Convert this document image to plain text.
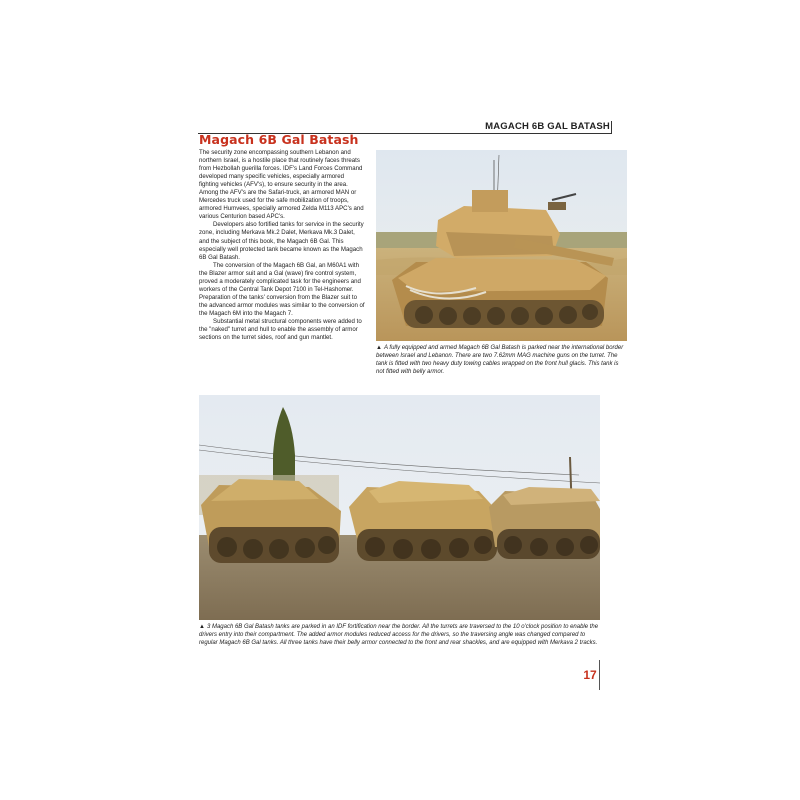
MAGACH 6B GAL BATASH
Magach 6B Gal Batash

The security zone encompassing southern Lebanon and northern Israel, is a hostile place that routinely faces threats from Hezbollah guerilla forces. IDF's Land Forces Command developed many specific vehicles, especially armored fighting vehicles (AFV's), to ensure security in the area. Among the AFV's are the Safari-truck, an armored MAN or Mercedes truck used for the safe mobilization of troops, armored Humvees, specially armored Zelda M113 APC's and various Centurion based APC's.

Developers also fortified tanks for service in the security zone, including Merkava Mk.2 Dalet, Merkava Mk.3 Dalet, and the subject of this book, the Magach 6B Gal. This especially well protected tank became known as the Magach 6B Gal Batash.

The conversion of the Magach 6B Gal, an M60A1 with the Blazer armor suit and a Gal (wave) fire control system, proved a moderately complicated task for the engineers and workers of the Central Tank Depot 7100 in Tel-Hashomer. Preparation of the tanks' conversion from the Blazer suit to the advanced armor modules was similar to the conversion of the Magach 6M into the Magach 7.

Substantial metal structural components were added to the "naked" turret and hull to enable the assembly of armor sections on the turret sides, roof and gun mantlet.

▲ A fully equipped and armed Magach 6B Gal Batash is parked near the international border between Israel and Lebanon. There are two 7.62mm MAG machine guns on the turret. The tank is fitted with two heavy duty towing cables wrapped on the front hull glacis. This tank is not fitted with belly armor.
▲ 3 Magach 6B Gal Batash tanks are parked in an IDF fortification near the border. All the turrets are traversed to the 10 o'clock position to enable the drivers entry into their compartment. The added armor modules reduced access for the drivers, so the traversing angle was changed compared to regular Magach 6B Gal tanks. All three tanks have their belly armor connected to the front and rear shackles, and are equipped with Merkava 2 tracks.
17
